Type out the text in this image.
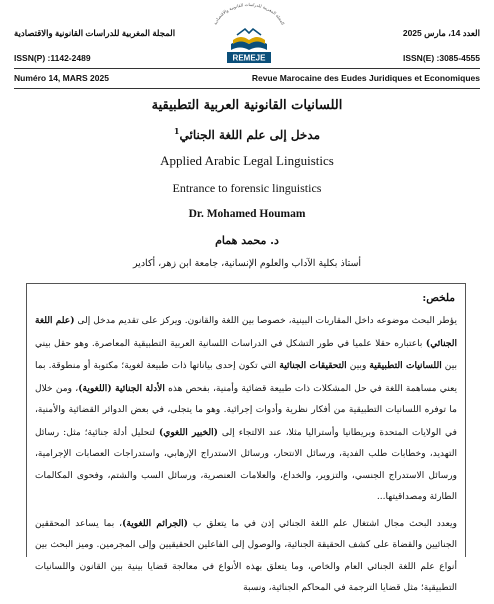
العدد 14، مارس 2025
المجلة المغربية للدراسات القانونية والاقتصادية
ISSN(P) :1142-2489	ISSN(E) :3085-4555
المجلة المغربية للدراسات القانونية والاقتصادية
REMEJE
Numéro 14, MARS 2025	Revue Marocaine des Eudes Juridiques et Economiques
اللسانيات القانونية العربية التطبيقية
مدخل إلى علم اللغة الجنائي$^1$
Applied Arabic Legal Linguistics
Entrance to forensic linguistics
Dr. Mohamed Houmam
د. محمد همام
أستاذ بكلية الآداب والعلوم الإنسانية، جامعة ابن زهر، أكادير
ملخص:

يؤطر البحث موضوعه داخل المقاربات البينية، خصوصا بين اللغة والقانون. ويركز على تقديم مدخل إلى (علم اللغة الجنائي) باعتباره حقلا علميا في طور التشكل في الدراسات اللسانية العربية التطبيقية المعاصرة. وهو حقل بيني بين اللسانيات التطبيقية وبين التحقيقات الجنائية التي تكون إحدى بياناتها ذات طبيعة لغوية؛ مكتوبة أو منطوقة. بما يعني مساهمة اللغة في حل المشكلات ذات طبيعة قضائية وأمنية، بفحص هذه الأدلة الجنائية (اللغوية)، ومن خلال ما توفره اللسانيات التطبيقية من أفكار نظرية وأدوات إجرائية. وهو ما يتجلى، في بعض الدوائر القضائية والأمنية، في الولايات المتحدة وبريطانيا وأستراليا مثلا، عند الالتجاء إلى (الخبير اللغوي) لتحليل أدلة جنائية؛ مثل: رسائل التهديد، وخطابات طلب الفدية، ورسائل الانتحار، ورسائل الاستدراج الإرهابي، واستدراجات العصابات الإجرامية، ورسائل الاستدراج الجنسي، والتزوير، والخداع، والعلامات العنصرية، ورسائل السب والشتم، وفحوى المكالمات الطارئة ومصداقيتها...

ويعدد البحث مجال اشتغال علم اللغة الجنائي إذن في ما يتعلق ب (الجرائم اللغوية)، بما يساعد المحققين الجنائيين والقضاة على كشف الحقيقة الجنائية، والوصول إلى الفاعلين الحقيقيين وإلى المجرمين. وميز البحث بين أنواع علم اللغة الجنائي العام والخاص، وما يتعلق بهذه الأنواع في معالجة قضايا بينية بين القانون واللسانيات التطبيقية؛ مثل قضايا الترجمة في المحاكم الجنائية، ونسبة
